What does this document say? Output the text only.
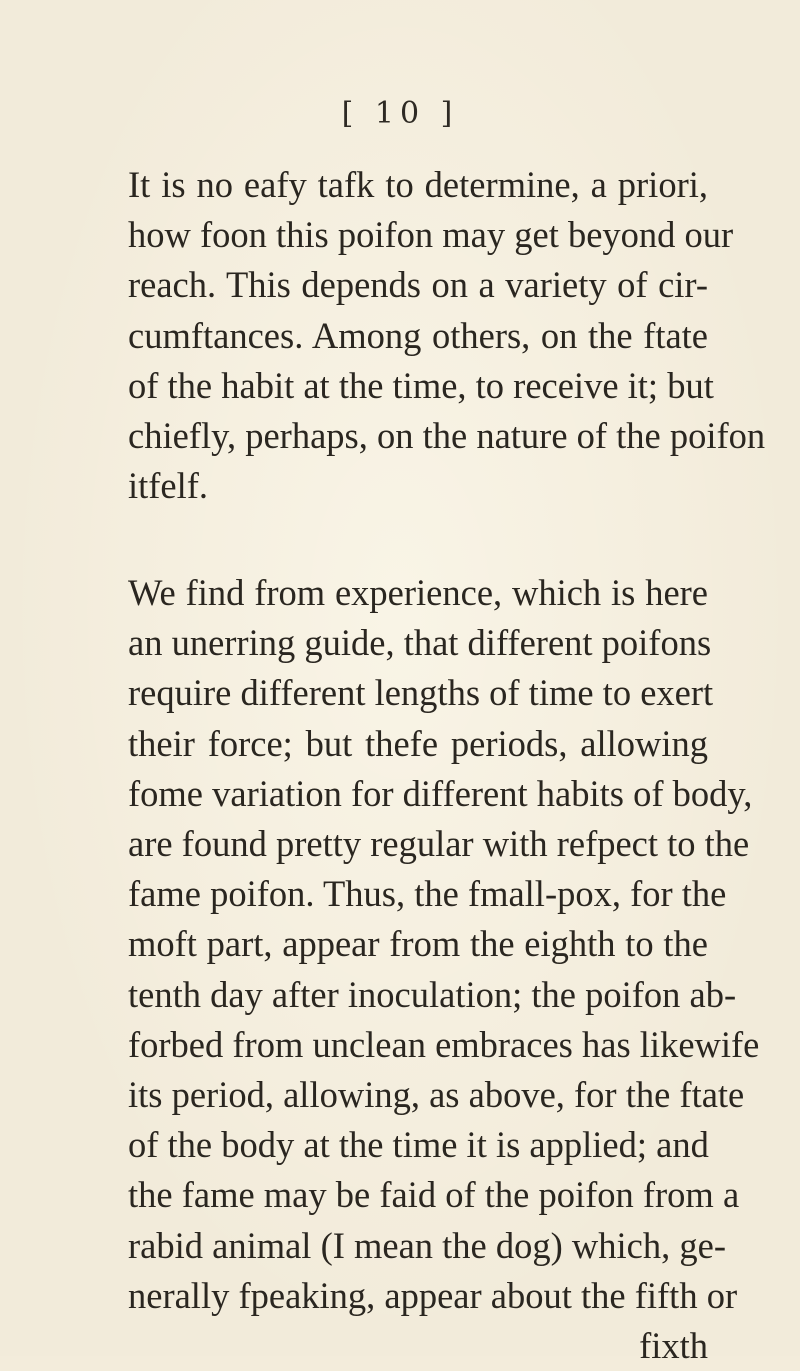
[ 10 ]
It is no eafy tafk to determine, a priori,
how foon this poifon may get beyond our
reach. This depends on a variety of cir-
cumftances. Among others, on the ftate
of the habit at the time, to receive it; but
chiefly, perhaps, on the nature of the poifon
itfelf.
We find from experience, which is here
an unerring guide, that different poifons
require different lengths of time to exert
their force; but thefe periods, allowing
fome variation for different habits of body,
are found pretty regular with refpect to the
fame poifon. Thus, the fmall-pox, for the
moft part, appear from the eighth to the
tenth day after inoculation; the poifon ab-
forbed from unclean embraces has likewife
its period, allowing, as above, for the ftate
of the body at the time it is applied; and
the fame may be faid of the poifon from a
rabid animal (I mean the dog) which, ge-
nerally fpeaking, appear about the fifth or
fixth
